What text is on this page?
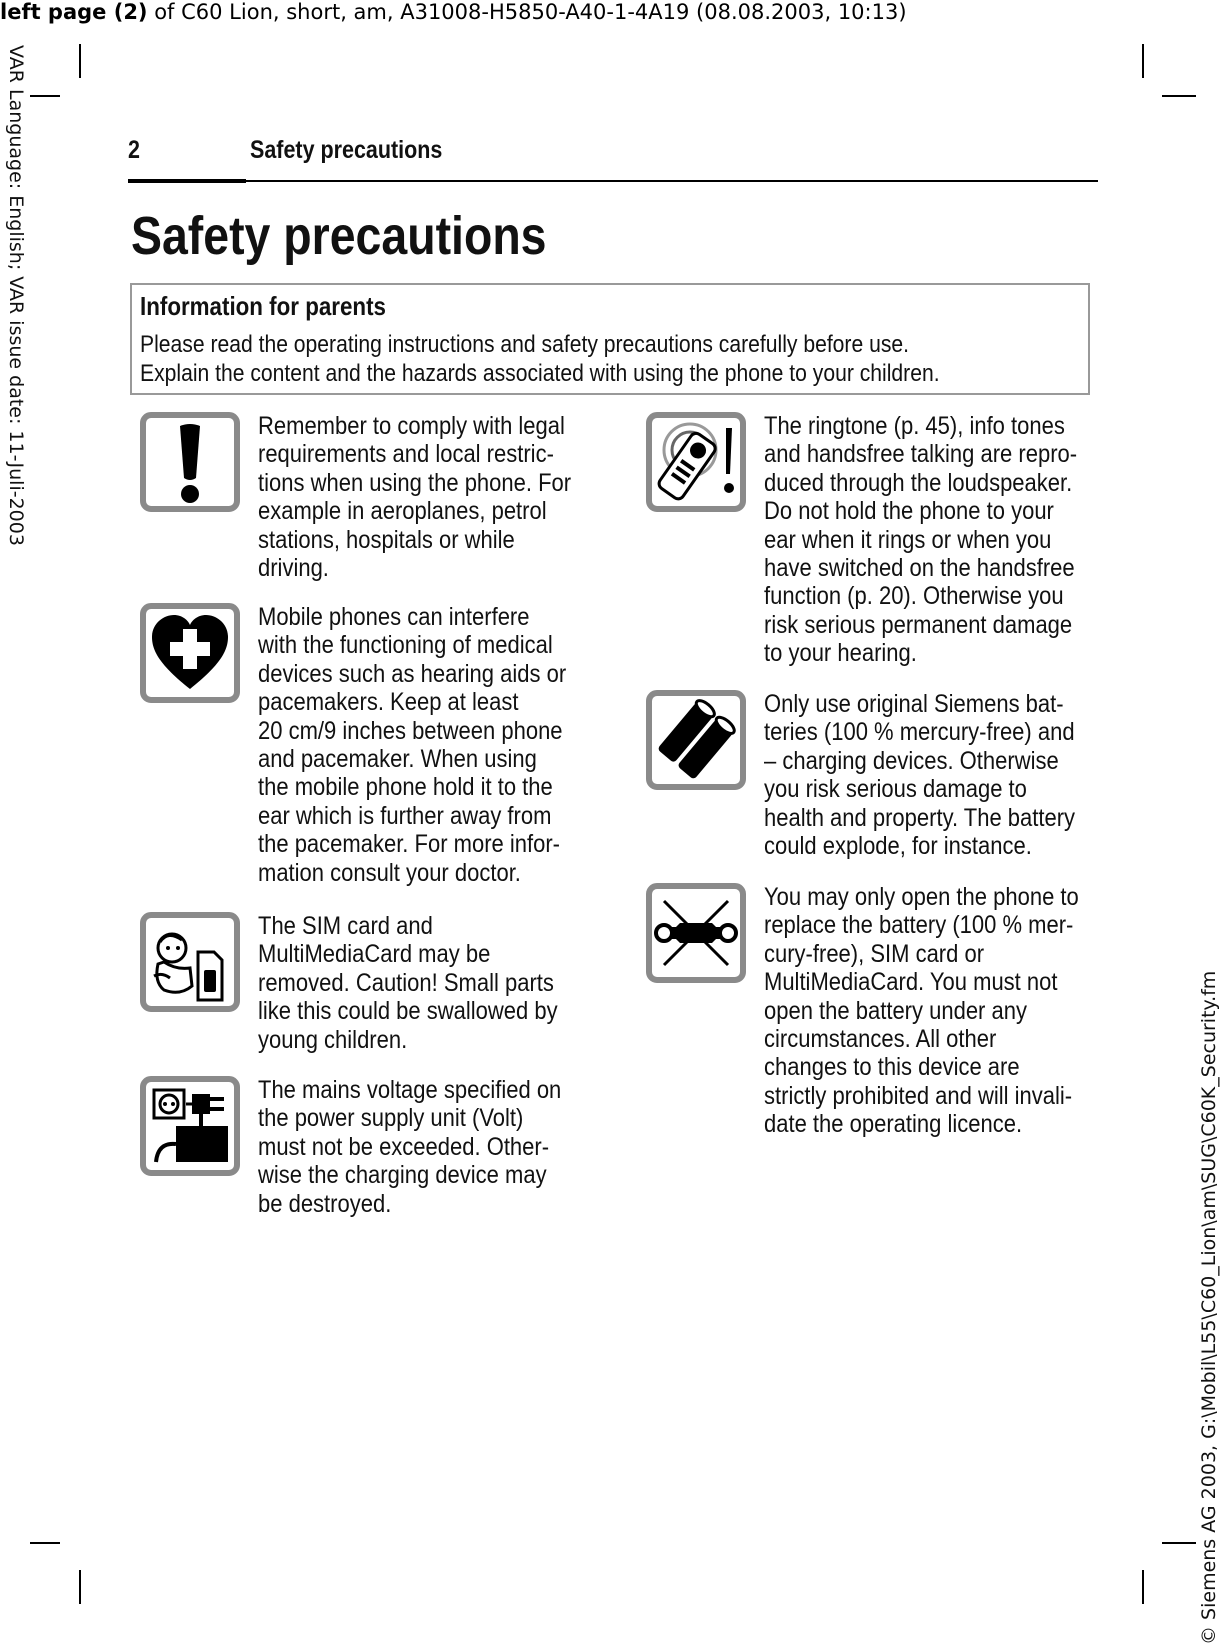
left page (2) of C60 Lion, short, am, A31008-H5850-A40-1-4A19 (08.08.2003, 10:13)
VAR Language: English; VAR issue date: 11-Juli-2003
© Siemens AG 2003, G:\Mobil\L55\C60_Lion\am\SUG\C60K_Security.fm
2	Safety precautions
Safety precautions
Information for parents
Please read the operating instructions and safety precautions carefully before use.
Explain the content and the hazards associated with using the phone to your children.
Remember to comply with legal
requirements and local restric-
tions when using the phone. For
example in aeroplanes, petrol
stations, hospitals or while
driving.
Mobile phones can interfere
with the functioning of medical
devices such as hearing aids or
pacemakers. Keep at least
20 cm/9 inches between phone
and pacemaker. When using
the mobile phone hold it to the
ear which is further away from
the pacemaker. For more infor-
mation consult your doctor.
The SIM card and
MultiMediaCard may be
removed. Caution! Small parts
like this could be swallowed by
young children.
The mains voltage specified on
the power supply unit (Volt)
must not be exceeded. Other-
wise the charging device may
be destroyed.
The ringtone (p. 45), info tones
and handsfree talking are repro-
duced through the loudspeaker.
Do not hold the phone to your
ear when it rings or when you
have switched on the handsfree
function (p. 20). Otherwise you
risk serious permanent damage
to your hearing.
Only use original Siemens bat-
teries (100 % mercury-free) and
– charging devices. Otherwise
you risk serious damage to
health and property. The battery
could explode, for instance.
You may only open the phone to
replace the battery (100 % mer-
cury-free), SIM card or
MultiMediaCard. You must not
open the battery under any
circumstances. All other
changes to this device are
strictly prohibited and will invali-
date the operating licence.
